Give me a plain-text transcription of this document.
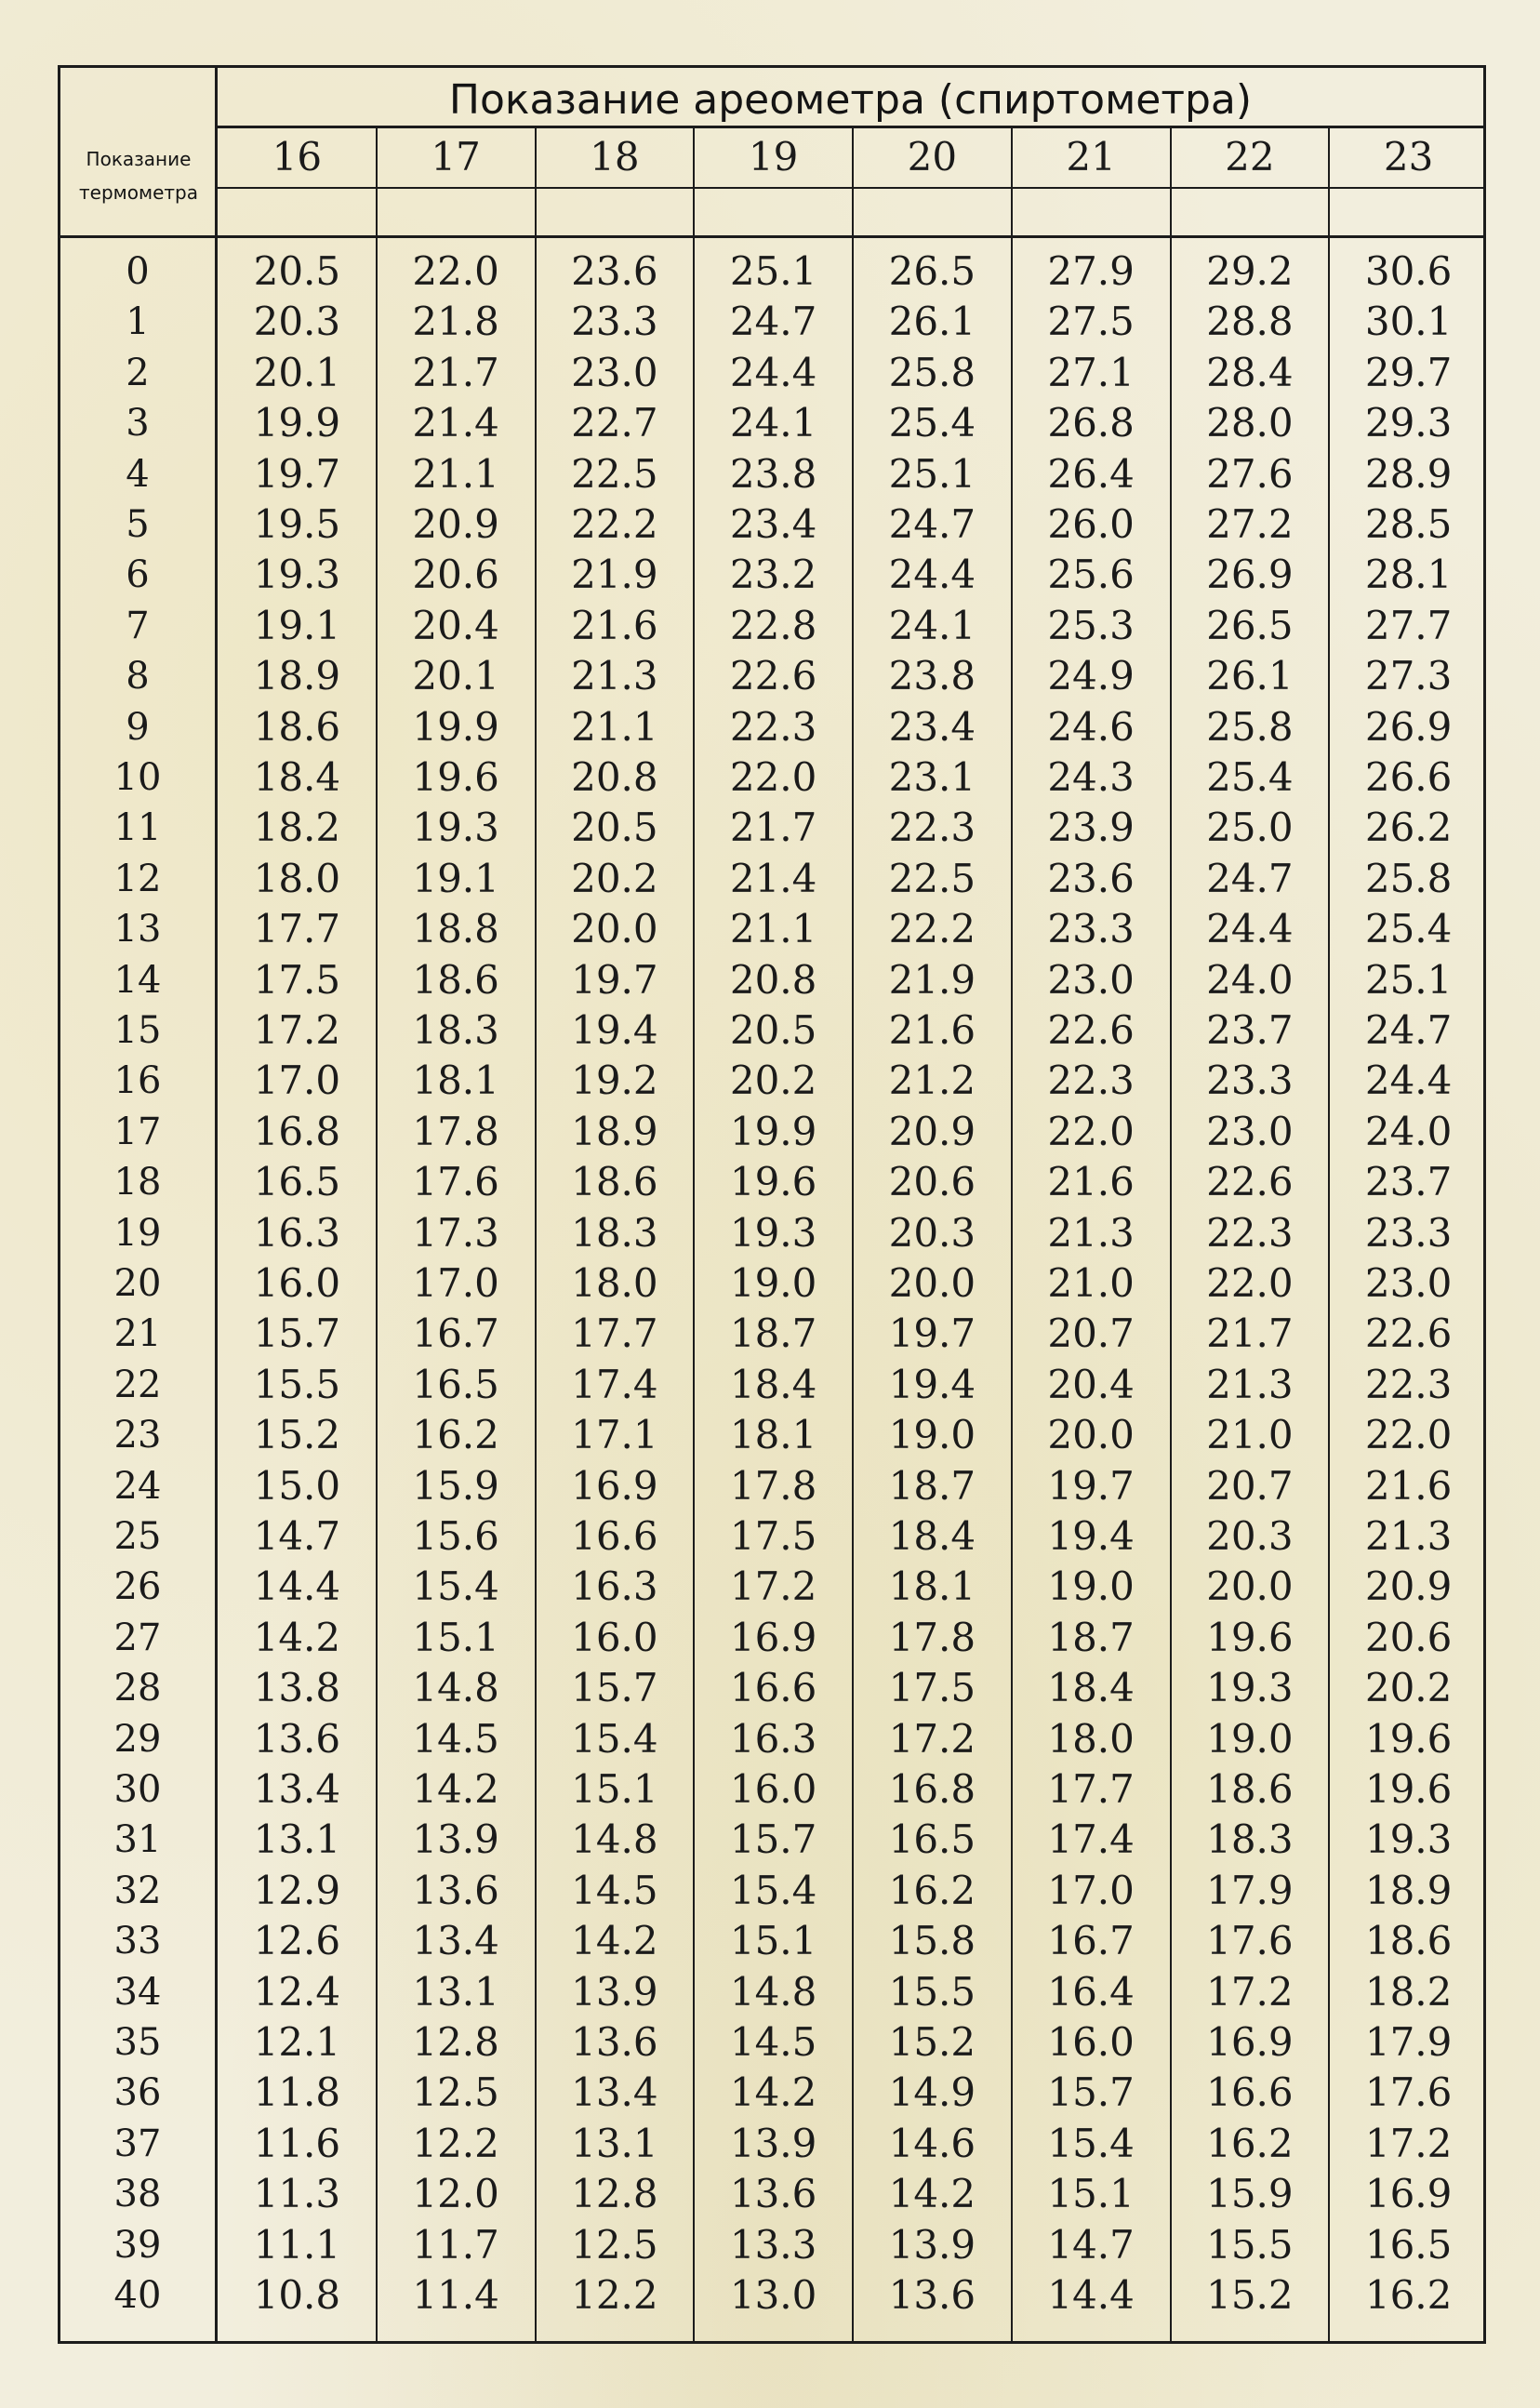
Показание ареометра (спиртометра)
Показание
термометра
16	17	18	19	20	21	22	23
0	20.5	22.0	23.6	25.1	26.5	27.9	29.2	30.6
1	20.3	21.8	23.3	24.7	26.1	27.5	28.8	30.1
2	20.1	21.7	23.0	24.4	25.8	27.1	28.4	29.7
3	19.9	21.4	22.7	24.1	25.4	26.8	28.0	29.3
4	19.7	21.1	22.5	23.8	25.1	26.4	27.6	28.9
5	19.5	20.9	22.2	23.4	24.7	26.0	27.2	28.5
6	19.3	20.6	21.9	23.2	24.4	25.6	26.9	28.1
7	19.1	20.4	21.6	22.8	24.1	25.3	26.5	27.7
8	18.9	20.1	21.3	22.6	23.8	24.9	26.1	27.3
9	18.6	19.9	21.1	22.3	23.4	24.6	25.8	26.9
10	18.4	19.6	20.8	22.0	23.1	24.3	25.4	26.6
11	18.2	19.3	20.5	21.7	22.3	23.9	25.0	26.2
12	18.0	19.1	20.2	21.4	22.5	23.6	24.7	25.8
13	17.7	18.8	20.0	21.1	22.2	23.3	24.4	25.4
14	17.5	18.6	19.7	20.8	21.9	23.0	24.0	25.1
15	17.2	18.3	19.4	20.5	21.6	22.6	23.7	24.7
16	17.0	18.1	19.2	20.2	21.2	22.3	23.3	24.4
17	16.8	17.8	18.9	19.9	20.9	22.0	23.0	24.0
18	16.5	17.6	18.6	19.6	20.6	21.6	22.6	23.7
19	16.3	17.3	18.3	19.3	20.3	21.3	22.3	23.3
20	16.0	17.0	18.0	19.0	20.0	21.0	22.0	23.0
21	15.7	16.7	17.7	18.7	19.7	20.7	21.7	22.6
22	15.5	16.5	17.4	18.4	19.4	20.4	21.3	22.3
23	15.2	16.2	17.1	18.1	19.0	20.0	21.0	22.0
24	15.0	15.9	16.9	17.8	18.7	19.7	20.7	21.6
25	14.7	15.6	16.6	17.5	18.4	19.4	20.3	21.3
26	14.4	15.4	16.3	17.2	18.1	19.0	20.0	20.9
27	14.2	15.1	16.0	16.9	17.8	18.7	19.6	20.6
28	13.8	14.8	15.7	16.6	17.5	18.4	19.3	20.2
29	13.6	14.5	15.4	16.3	17.2	18.0	19.0	19.6
30	13.4	14.2	15.1	16.0	16.8	17.7	18.6	19.6
31	13.1	13.9	14.8	15.7	16.5	17.4	18.3	19.3
32	12.9	13.6	14.5	15.4	16.2	17.0	17.9	18.9
33	12.6	13.4	14.2	15.1	15.8	16.7	17.6	18.6
34	12.4	13.1	13.9	14.8	15.5	16.4	17.2	18.2
35	12.1	12.8	13.6	14.5	15.2	16.0	16.9	17.9
36	11.8	12.5	13.4	14.2	14.9	15.7	16.6	17.6
37	11.6	12.2	13.1	13.9	14.6	15.4	16.2	17.2
38	11.3	12.0	12.8	13.6	14.2	15.1	15.9	16.9
39	11.1	11.7	12.5	13.3	13.9	14.7	15.5	16.5
40	10.8	11.4	12.2	13.0	13.6	14.4	15.2	16.2
